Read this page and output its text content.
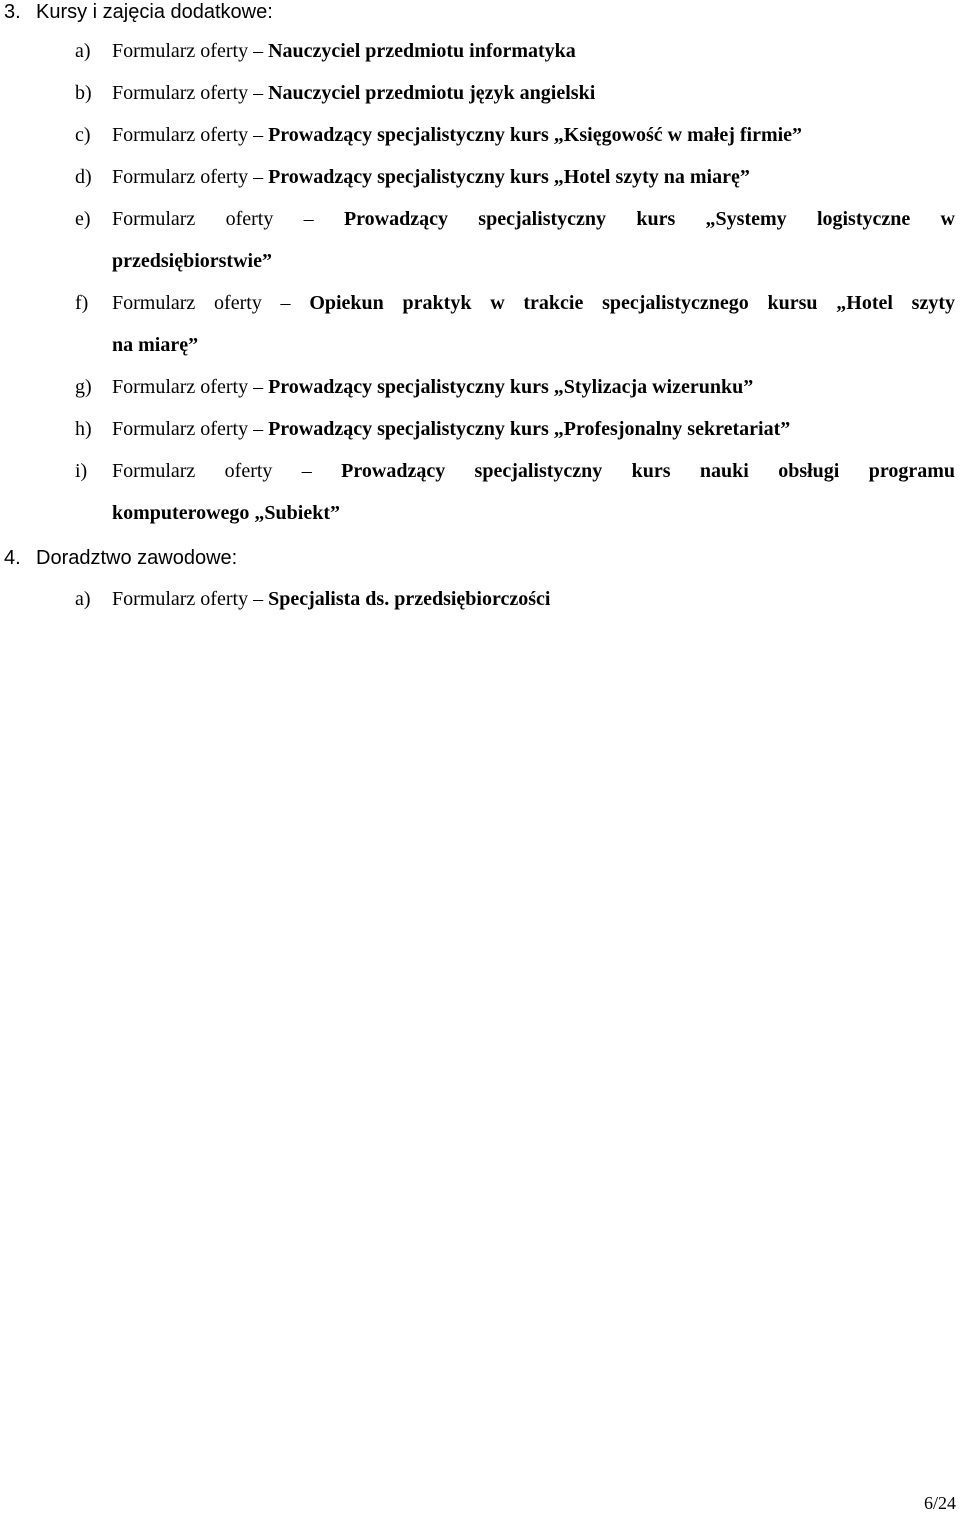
3. Kursy i zajęcia dodatkowe:
a) Formularz oferty – Nauczyciel przedmiotu informatyka
b) Formularz oferty – Nauczyciel przedmiotu język angielski
c) Formularz oferty – Prowadzący specjalistyczny kurs „Księgowość w małej firmie”
d) Formularz oferty – Prowadzący specjalistyczny kurs „Hotel szyty na miarę”
e) Formularz oferty – Prowadzący specjalistyczny kurs „Systemy logistyczne w
przedsiębiorstwie”
f) Formularz oferty – Opiekun praktyk w trakcie specjalistycznego kursu „Hotel szyty
na miarę”
g) Formularz oferty – Prowadzący specjalistyczny kurs „Stylizacja wizerunku”
h) Formularz oferty – Prowadzący specjalistyczny kurs „Profesjonalny sekretariat”
i) Formularz oferty – Prowadzący specjalistyczny kurs nauki obsługi programu
komputerowego „Subiekt”
4. Doradztwo zawodowe:
a) Formularz oferty – Specjalista ds. przedsiębiorczości
6/24
